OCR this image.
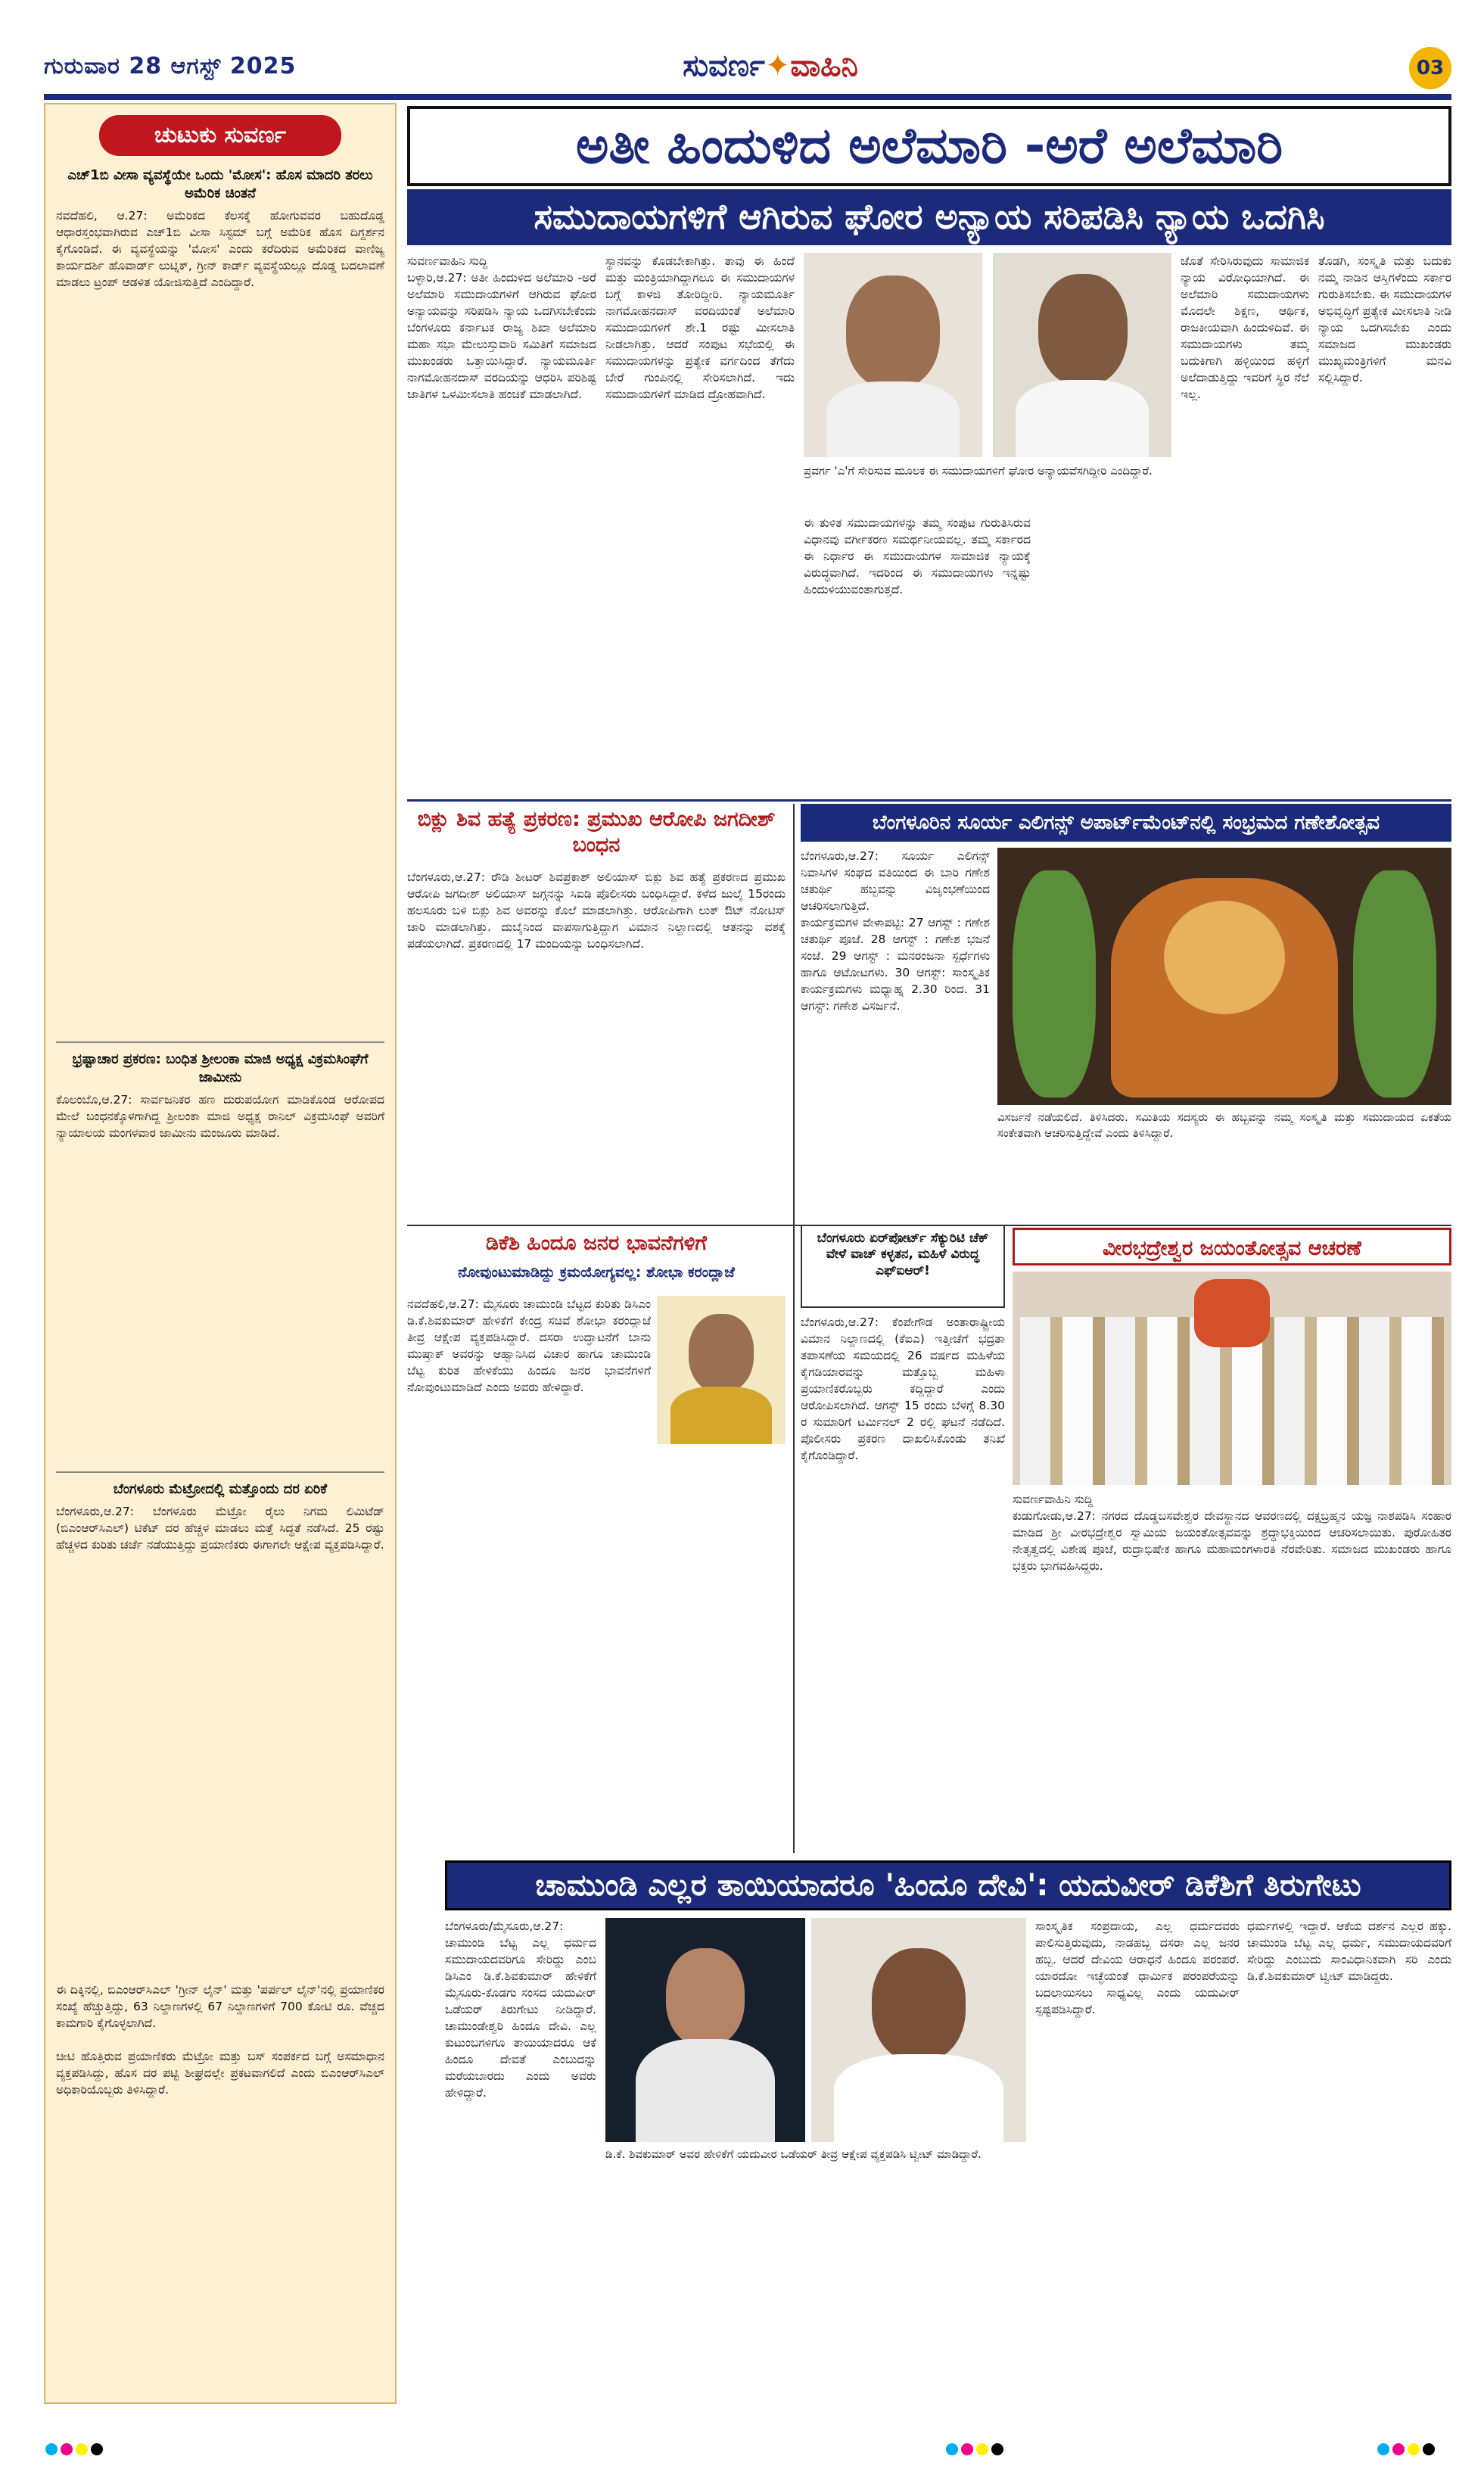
ಗುರುವಾರ 28 ಆಗಸ್ಟ್ 2025	ಸುವರ್ಣ✦ವಾಹಿನಿ	03
ಚುಟುಕು ಸುವರ್ಣ
ಎಚ್‌1ಬಿ ವೀಸಾ ವ್ಯವಸ್ಥೆಯೇ ಒಂದು 'ಮೋಸ': ಹೊಸ ಮಾದರಿ ತರಲು ಅಮೆರಿಕ ಚಿಂತನೆ
ನವದೆಹಲಿ, ಆ.27: ಅಮೆರಿಕದ ಕೆಲಸಕ್ಕೆ ಹೋಗುವವರ ಬಹುದೊಡ್ಡ ಆಧಾರಸ್ತಂಭವಾಗಿರುವ ಎಚ್‌1ಬಿ ವೀಸಾ ಸಿಸ್ಟಮ್ ಬಗ್ಗೆ ಅಮೆರಿಕ ಹೊಸ ದಿಗ್ದರ್ಶನ ಕೈಗೊಂಡಿದೆ. ಈ ವ್ಯವಸ್ಥೆಯನ್ನು 'ಮೋಸ' ಎಂದು ಕರೆದಿರುವ ಅಮೆರಿಕದ ವಾಣಿಜ್ಯ ಕಾರ್ಯದರ್ಶಿ ಹೊವಾರ್ಡ್ ಲುಟ್ನಿಕ್, ಗ್ರೀನ್ ಕಾರ್ಡ್ ವ್ಯವಸ್ಥೆಯಲ್ಲೂ ದೊಡ್ಡ ಬದಲಾವಣೆ ಮಾಡಲು ಟ್ರಂಪ್ ಆಡಳಿತ ಯೋಜಿಸುತ್ತಿದೆ ಎಂದಿದ್ದಾರೆ.
ಭ್ರಷ್ಟಾಚಾರ ಪ್ರಕರಣ: ಬಂಧಿತ ಶ್ರೀಲಂಕಾ ಮಾಜಿ ಅಧ್ಯಕ್ಷ ವಿಕ್ರಮಸಿಂಘೆಗೆ ಜಾಮೀನು
ಕೊಲಂಬೊ,ಆ.27: ಸಾರ್ವಜನಿಕರ ಹಣ ದುರುಪಯೋಗ ಮಾಡಿಕೊಂಡ ಆರೋಪದ ಮೇಲೆ ಬಂಧನಕ್ಕೊಳಗಾಗಿದ್ದ ಶ್ರೀಲಂಕಾ ಮಾಜಿ ಅಧ್ಯಕ್ಷ ರಾನಿಲ್ ವಿಕ್ರಮಸಿಂಘೆ ಅವರಿಗೆ ನ್ಯಾಯಾಲಯ ಮಂಗಳವಾರ ಜಾಮೀನು ಮಂಜೂರು ಮಾಡಿದೆ.
ಬೆಂಗಳೂರು ಮೆಟ್ರೋದಲ್ಲಿ ಮತ್ತೊಂದು ದರ ಏರಿಕೆ
ಬೆಂಗಳೂರು,ಆ.27: ಬೆಂಗಳೂರು ಮೆಟ್ರೋ ರೈಲು ನಿಗಮ ಲಿಮಿಟೆಡ್ (ಬಿಎಂಆರ್‌ಸಿಎಲ್) ಟಿಕೆಟ್ ದರ ಹೆಚ್ಚಳ ಮಾಡಲು ಮತ್ತೆ ಸಿದ್ಧತೆ ನಡೆಸಿದೆ. 25 ರಷ್ಟು ಹೆಚ್ಚಳದ ಕುರಿತು ಚರ್ಚೆ ನಡೆಯುತ್ತಿದ್ದು ಪ್ರಯಾಣಿಕರು ಈಗಾಗಲೇ ಆಕ್ಷೇಪ ವ್ಯಕ್ತಪಡಿಸಿದ್ದಾರೆ.
ಈ ದಿಕ್ಕಿನಲ್ಲಿ, ಬಿಎಂಆರ್‌ಸಿಎಲ್ 'ಗ್ರೀನ್ ಲೈನ್' ಮತ್ತು 'ಪರ್ಪಲ್ ಲೈನ್'ನಲ್ಲಿ ಪ್ರಯಾಣಿಕರ ಸಂಖ್ಯೆ ಹೆಚ್ಚುತ್ತಿದ್ದು, 63 ನಿಲ್ದಾಣಗಳಲ್ಲಿ 67 ನಿಲ್ದಾಣಗಳಿಗೆ 700 ಕೋಟಿ ರೂ. ವೆಚ್ಚದ ಕಾಮಗಾರಿ ಕೈಗೊಳ್ಳಲಾಗಿದೆ.

ಚೀಟಿ ಹೊತ್ತಿರುವ ಪ್ರಯಾಣಿಕರು ಮೆಟ್ರೋ ಮತ್ತು ಬಸ್ ಸಂಪರ್ಕದ ಬಗ್ಗೆ ಅಸಮಾಧಾನ ವ್ಯಕ್ತಪಡಿಸಿದ್ದು, ಹೊಸ ದರ ಪಟ್ಟಿ ಶೀಘ್ರದಲ್ಲೇ ಪ್ರಕಟವಾಗಲಿದೆ ಎಂದು ಬಿಎಂಆರ್‌ಸಿಎಲ್ ಅಧಿಕಾರಿಯೊಬ್ಬರು ತಿಳಿಸಿದ್ದಾರೆ.
ಅತೀ ಹಿಂದುಳಿದ ಅಲೆಮಾರಿ -ಅರೆ ಅಲೆಮಾರಿ
ಸಮುದಾಯಗಳಿಗೆ ಆಗಿರುವ ಘೋರ ಅನ್ಯಾಯ ಸರಿಪಡಿಸಿ ನ್ಯಾಯ ಒದಗಿಸಿ
ಸುವರ್ಣವಾಹಿನಿ ಸುದ್ದಿ
ಬಳ್ಳಾರಿ,ಆ.27: ಅತೀ ಹಿಂದುಳಿದ ಅಲೆಮಾರಿ -ಅರೆ ಅಲೆಮಾರಿ ಸಮುದಾಯಗಳಿಗೆ ಆಗಿರುವ ಘೋರ ಅನ್ಯಾಯವನ್ನು ಸರಿಪಡಿಸಿ ನ್ಯಾಯ ಒದಗಿಸಬೇಕೆಂದು ಬೆಂಗಳೂರು ಕರ್ನಾಟಕ ರಾಜ್ಯ ಶಿಖಾ ಅಲೆಮಾರಿ ಮಹಾ ಸಭಾ ಮೇಲುಸ್ತುವಾರಿ ಸಮಿತಿಗೆ ಸಮಾಜದ ಮುಖಂಡರು ಒತ್ತಾಯಿಸಿದ್ದಾರೆ. ನ್ಯಾಯಮೂರ್ತಿ ನಾಗಮೋಹನದಾಸ್ ವರದಿಯನ್ನು ಆಧರಿಸಿ ಪರಿಶಿಷ್ಟ ಜಾತಿಗಳ ಒಳಮೀಸಲಾತಿ ಹಂಚಿಕೆ ಮಾಡಲಾಗಿದೆ.
ಸ್ಥಾನವನ್ನು ಕೊಡಬೇಕಾಗಿತ್ತು. ತಾವು ಈ ಹಿಂದೆ ಮತ್ತು ಮಂತ್ರಿಯಾಗಿದ್ದಾಗಲೂ ಈ ಸಮುದಾಯಗಳ ಬಗ್ಗೆ ಕಾಳಜಿ ತೋರಿದ್ದೀರಿ. ನ್ಯಾಯಮೂರ್ತಿ ನಾಗಮೋಹನದಾಸ್ ವರದಿಯಂತೆ ಅಲೆಮಾರಿ ಸಮುದಾಯಗಳಿಗೆ ಶೇ.1 ರಷ್ಟು ಮೀಸಲಾತಿ ನೀಡಲಾಗಿತ್ತು. ಆದರೆ ಸಂಪುಟ ಸಭೆಯಲ್ಲಿ ಈ ಸಮುದಾಯಗಳನ್ನು ಪ್ರತ್ಯೇಕ ವರ್ಗದಿಂದ ತೆಗೆದು ಬೇರೆ ಗುಂಪಿನಲ್ಲಿ ಸೇರಿಸಲಾಗಿದೆ. ಇದು ಸಮುದಾಯಗಳಿಗೆ ಮಾಡಿದ ದ್ರೋಹವಾಗಿದೆ.
ಪ್ರವರ್ಗ 'ಎ'ಗೆ ಸೇರಿಸುವ ಮೂಲಕ ಈ ಸಮುದಾಯಗಳಿಗೆ ಘೋರ ಅನ್ಯಾಯವೆಸಗಿದ್ದೀರಿ ಎಂದಿದ್ದಾರೆ.
ಈ ತುಳಿತ ಸಮುದಾಯಗಳನ್ನು ತಮ್ಮ ಸಂಪುಟ ಗುರುತಿಸಿರುವ ವಿಧಾನವು ವರ್ಗೀಕರಣ ಸಮರ್ಥನೀಯವಲ್ಲ. ತಮ್ಮ ಸರ್ಕಾರದ ಈ ನಿರ್ಧಾರ ಈ ಸಮುದಾಯಗಳ ಸಾಮಾಜಿಕ ನ್ಯಾಯಕ್ಕೆ ವಿರುದ್ಧವಾಗಿದೆ. ಇದರಿಂದ ಈ ಸಮುದಾಯಗಳು ಇನ್ನಷ್ಟು ಹಿಂದುಳಿಯುವಂತಾಗುತ್ತದೆ.
ಜೊತೆ ಸೇರಿಸಿರುವುದು ಸಾಮಾಜಿಕ ನ್ಯಾಯ ವಿರೋಧಿಯಾಗಿದೆ. ಈ ಅಲೆಮಾರಿ ಸಮುದಾಯಗಳು ಮೊದಲೇ ಶಿಕ್ಷಣ, ಆರ್ಥಿಕ, ರಾಜಕೀಯವಾಗಿ ಹಿಂದುಳಿದಿವೆ. ಈ ಸಮುದಾಯಗಳು ತಮ್ಮ ಬದುಕಿಗಾಗಿ ಹಳ್ಳಿಯಿಂದ ಹಳ್ಳಿಗೆ ಅಲೆದಾಡುತ್ತಿದ್ದು ಇವರಿಗೆ ಸ್ಥಿರ ನೆಲೆ ಇಲ್ಲ.
ತೊಡಗಿ, ಸಂಸ್ಕೃತಿ ಮತ್ತು ಬದುಕು ನಮ್ಮ ನಾಡಿನ ಆಸ್ತಿಗಳೆಂದು ಸರ್ಕಾರ ಗುರುತಿಸಬೇಕು. ಈ ಸಮುದಾಯಗಳ ಅಭಿವೃದ್ಧಿಗೆ ಪ್ರತ್ಯೇಕ ಮೀಸಲಾತಿ ನೀಡಿ ನ್ಯಾಯ ಒದಗಿಸಬೇಕು ಎಂದು ಸಮಾಜದ ಮುಖಂಡರು ಮುಖ್ಯಮಂತ್ರಿಗಳಿಗೆ ಮನವಿ ಸಲ್ಲಿಸಿದ್ದಾರೆ.
ಬಿಕ್ಲು ಶಿವ ಹತ್ಯೆ ಪ್ರಕರಣ: ಪ್ರಮುಖ ಆರೋಪಿ ಜಗದೀಶ್ ಬಂಧನ
ಬೆಂಗಳೂರು,ಆ.27: ರೌಡಿ ಶೀಟರ್ ಶಿವಪ್ರಕಾಶ್ ಅಲಿಯಾಸ್ ಬಿಕ್ಲು ಶಿವ ಹತ್ಯೆ ಪ್ರಕರಣದ ಪ್ರಮುಖ ಆರೋಪಿ ಜಗದೀಶ್ ಅಲಿಯಾಸ್ ಜಗ್ಗನನ್ನು ಸಿಐಡಿ ಪೊಲೀಸರು ಬಂಧಿಸಿದ್ದಾರೆ. ಕಳೆದ ಜುಲೈ 15ರಂದು ಹಲಸೂರು ಬಳಿ ಬಿಕ್ಲು ಶಿವ ಅವರನ್ನು ಕೊಲೆ ಮಾಡಲಾಗಿತ್ತು. ಆರೋಪಿಗಾಗಿ ಲುಕ್ ಔಟ್ ನೋಟಿಸ್ ಜಾರಿ ಮಾಡಲಾಗಿತ್ತು. ದುಬೈನಿಂದ ವಾಪಸಾಗುತ್ತಿದ್ದಾಗ ವಿಮಾನ ನಿಲ್ದಾಣದಲ್ಲಿ ಆತನನ್ನು ವಶಕ್ಕೆ ಪಡೆಯಲಾಗಿದೆ. ಪ್ರಕರಣದಲ್ಲಿ 17 ಮಂದಿಯನ್ನು ಬಂಧಿಸಲಾಗಿದೆ.
ಬೆಂಗಳೂರಿನ ಸೂರ್ಯ ಎಲಿಗನ್ಸ್ ಅಪಾರ್ಟ್‌ಮೆಂಟ್‌ನಲ್ಲಿ ಸಂಭ್ರಮದ ಗಣೇಶೋತ್ಸವ
ಬೆಂಗಳೂರು,ಆ.27: ಸೂರ್ಯ ಎಲಿಗನ್ಸ್ ನಿವಾಸಿಗಳ ಸಂಘದ ವತಿಯಿಂದ ಈ ಬಾರಿ ಗಣೇಶ ಚತುರ್ಥಿ ಹಬ್ಬವನ್ನು ವಿಜೃಂಭಣೆಯಿಂದ ಆಚರಿಸಲಾಗುತ್ತಿದೆ.
ಕಾರ್ಯಕ್ರಮಗಳ ವೇಳಾಪಟ್ಟಿ: 27 ಆಗಸ್ಟ್ : ಗಣೇಶ ಚತುರ್ಥಿ ಪೂಜೆ. 28 ಆಗಸ್ಟ್ : ಗಣೇಶ ಭಜನೆ ಸಂಜೆ. 29 ಆಗಸ್ಟ್ : ಮನರಂಜನಾ ಸ್ಪರ್ಧೆಗಳು ಹಾಗೂ ಆಟೋಟಗಳು. 30 ಆಗಸ್ಟ್: ಸಾಂಸ್ಕೃತಿಕ ಕಾರ್ಯಕ್ರಮಗಳು ಮಧ್ಯಾಹ್ನ 2.30 ರಿಂದ. 31 ಆಗಸ್ಟ್: ಗಣೇಶ ವಿಸರ್ಜನೆ.
ವಿಸರ್ಜನೆ ನಡೆಯಲಿದೆ. ತಿಳಿಸಿದರು. ಸಮಿತಿಯ ಸದಸ್ಯರು ಈ ಹಬ್ಬವನ್ನು ನಮ್ಮ ಸಂಸ್ಕೃತಿ ಮತ್ತು ಸಮುದಾಯದ ಏಕತೆಯ ಸಂಕೇತವಾಗಿ ಆಚರಿಸುತ್ತಿದ್ದೇವೆ ಎಂದು ತಿಳಿಸಿದ್ದಾರೆ.
ಡಿಕೆಶಿ ಹಿಂದೂ ಜನರ ಭಾವನೆಗಳಿಗೆ
ನೋವುಂಟುಮಾಡಿದ್ದು ಕ್ರಮಯೋಗ್ಯವಲ್ಲ: ಶೋಭಾ ಕರಂದ್ಲಾಜೆ
ನವದೆಹಲಿ,ಆ.27: ಮೈಸೂರು ಚಾಮುಂಡಿ ಬೆಟ್ಟದ ಕುರಿತು ಡಿಸಿಎಂ ಡಿ.ಕೆ.ಶಿವಕುಮಾರ್ ಹೇಳಿಕೆಗೆ ಕೇಂದ್ರ ಸಚಿವೆ ಶೋಭಾ ಕರಂದ್ಲಾಜೆ ತೀವ್ರ ಆಕ್ಷೇಪ ವ್ಯಕ್ತಪಡಿಸಿದ್ದಾರೆ. ದಸರಾ ಉದ್ಘಾಟನೆಗೆ ಬಾನು ಮುಷ್ತಾಕ್ ಅವರನ್ನು ಆಹ್ವಾನಿಸಿದ ವಿಚಾರ ಹಾಗೂ ಚಾಮುಂಡಿ ಬೆಟ್ಟ ಕುರಿತ ಹೇಳಿಕೆಯು ಹಿಂದೂ ಜನರ ಭಾವನೆಗಳಿಗೆ ನೋವುಂಟುಮಾಡಿದೆ ಎಂದು ಅವರು ಹೇಳಿದ್ದಾರೆ.
ಬೆಂಗಳೂರು ಏರ್‌ಪೋರ್ಟ್ ಸೆಕ್ಯುರಿಟಿ ಚೆಕ್ ವೇಳೆ ವಾಚ್ ಕಳ್ಳತನ, ಮಹಿಳೆ ವಿರುದ್ಧ ಎಫ್‌ಐಆರ್!
ಬೆಂಗಳೂರು,ಆ.27: ಕೆಂಪೇಗೌಡ ಅಂತಾರಾಷ್ಟ್ರೀಯ ವಿಮಾನ ನಿಲ್ದಾಣದಲ್ಲಿ (ಕೆಐಎ) ಇತ್ತೀಚೆಗೆ ಭದ್ರತಾ ತಪಾಸಣೆಯ ಸಮಯದಲ್ಲಿ 26 ವರ್ಷದ ಮಹಿಳೆಯ ಕೈಗಡಿಯಾರವನ್ನು ಮತ್ತೊಬ್ಬ ಮಹಿಳಾ ಪ್ರಯಾಣಿಕರೊಬ್ಬರು ಕದ್ದಿದ್ದಾರೆ ಎಂದು ಆರೋಪಿಸಲಾಗಿದೆ. ಆಗಸ್ಟ್ 15 ರಂದು ಬೆಳಗ್ಗೆ 8.30 ರ ಸುಮಾರಿಗೆ ಟರ್ಮಿನಲ್ 2 ರಲ್ಲಿ ಘಟನೆ ನಡೆದಿದೆ. ಪೊಲೀಸರು ಪ್ರಕರಣ ದಾಖಲಿಸಿಕೊಂಡು ತನಿಖೆ ಕೈಗೊಂಡಿದ್ದಾರೆ.
ವೀರಭದ್ರೇಶ್ವರ ಜಯಂತೋತ್ಸವ ಆಚರಣೆ
ಸುವರ್ಣವಾಹಿನಿ ಸುದ್ದಿ
ಕುಡುಗೋಡು,ಆ.27: ನಗರದ ದೊಡ್ಡಬಸವೇಶ್ವರ ದೇವಸ್ಥಾನದ ಆವರಣದಲ್ಲಿ ದಕ್ಷಬ್ರಹ್ಮನ ಯಜ್ಞ ನಾಶಪಡಿಸಿ ಸಂಹಾರ ಮಾಡಿದ ಶ್ರೀ ವೀರಭದ್ರೇಶ್ವರ ಸ್ವಾಮಿಯ ಜಯಂತೋತ್ಸವವನ್ನು ಶ್ರದ್ಧಾಭಕ್ತಿಯಿಂದ ಆಚರಿಸಲಾಯಿತು. ಪುರೋಹಿತರ ನೇತೃತ್ವದಲ್ಲಿ ವಿಶೇಷ ಪೂಜೆ, ರುದ್ರಾಭಿಷೇಕ ಹಾಗೂ ಮಹಾಮಂಗಳಾರತಿ ನೆರವೇರಿತು. ಸಮಾಜದ ಮುಖಂಡರು ಹಾಗೂ ಭಕ್ತರು ಭಾಗವಹಿಸಿದ್ದರು.
ಚಾಮುಂಡಿ ಎಲ್ಲರ ತಾಯಿಯಾದರೂ 'ಹಿಂದೂ ದೇವಿ': ಯದುವೀರ್ ಡಿಕೆಶಿಗೆ ತಿರುಗೇಟು
ಬೆಂಗಳೂರು/ಮೈಸೂರು,ಆ.27: ಚಾಮುಂಡಿ ಬೆಟ್ಟ ಎಲ್ಲ ಧರ್ಮದ ಸಮುದಾಯದವರಿಗೂ ಸೇರಿದ್ದು ಎಂಬ ಡಿಸಿಎಂ ಡಿ.ಕೆ.ಶಿವಕುಮಾರ್ ಹೇಳಿಕೆಗೆ ಮೈಸೂರು-ಕೊಡಗು ಸಂಸದ ಯದುವೀರ್ ಒಡೆಯರ್ ತಿರುಗೇಟು ನೀಡಿದ್ದಾರೆ. ಚಾಮುಂಡೇಶ್ವರಿ ಹಿಂದೂ ದೇವಿ. ಎಲ್ಲ ಕುಟುಂಬಗಳಿಗೂ ತಾಯಿಯಾದರೂ ಆಕೆ ಹಿಂದೂ ದೇವತೆ ಎಂಬುದನ್ನು ಮರೆಯಬಾರದು ಎಂದು ಅವರು ಹೇಳಿದ್ದಾರೆ.
ಡಿ.ಕೆ. ಶಿವಕುಮಾರ್ ಅವರ ಹೇಳಿಕೆಗೆ ಯದುವೀರ ಒಡೆಯರ್ ತೀವ್ರ ಆಕ್ಷೇಪ ವ್ಯಕ್ತಪಡಿಸಿ ಟ್ವೀಟ್ ಮಾಡಿದ್ದಾರೆ.
ಸಾಂಸ್ಕೃತಿಕ ಸಂಪ್ರದಾಯ, ಎಲ್ಲ ಧರ್ಮದವರು ಪಾಲಿಸುತ್ತಿರುವುದು, ನಾಡಹಬ್ಬ ದಸರಾ ಎಲ್ಲ ಜನರ ಹಬ್ಬ. ಆದರೆ ದೇವಿಯ ಆರಾಧನೆ ಹಿಂದೂ ಪರಂಪರೆ. ಯಾರದೋ ಇಚ್ಛೆಯಂತೆ ಧಾರ್ಮಿಕ ಪರಂಪರೆಯನ್ನು ಬದಲಾಯಿಸಲು ಸಾಧ್ಯವಿಲ್ಲ ಎಂದು ಯದುವೀರ್ ಸ್ಪಷ್ಟಪಡಿಸಿದ್ದಾರೆ.
ಧರ್ಮಗಳಲ್ಲಿ ಇದ್ದಾರೆ. ಆಕೆಯ ದರ್ಶನ ಎಲ್ಲರ ಹಕ್ಕು. ಚಾಮುಂಡಿ ಬೆಟ್ಟ ಎಲ್ಲ ಧರ್ಮ, ಸಮುದಾಯದವರಿಗೆ ಸೇರಿದ್ದು ಎಂಬುದು ಸಾಂವಿಧಾನಿಕವಾಗಿ ಸರಿ ಎಂದು ಡಿ.ಕೆ.ಶಿವಕುಮಾರ್ ಟ್ವೀಟ್ ಮಾಡಿದ್ದರು.
